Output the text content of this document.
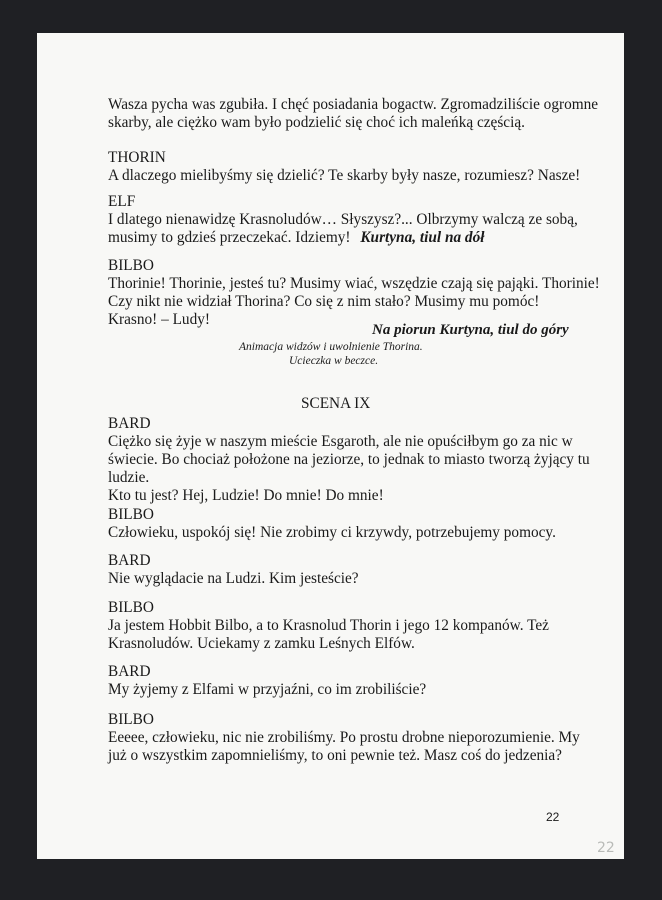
Wasza pycha was zgubiła. I chęć posiadania bogactw. Zgromadziliście ogromne
skarby, ale ciężko wam było podzielić się choć ich maleńką częścią.
THORIN
A dlaczego mielibyśmy się dzielić? Te skarby były nasze, rozumiesz? Nasze!
ELF
I dlatego nienawidzę Krasnoludów… Słyszysz?... Olbrzymy walczą ze sobą,
musimy to gdzieś przeczekać. Idziemy! Kurtyna, tiul na dół
BILBO
Thorinie! Thorinie, jesteś tu? Musimy wiać, wszędzie czają się pająki. Thorinie!
Czy nikt nie widział Thorina? Co się z nim stało? Musimy mu pomóc!
Krasno! – Ludy!
Na piorun Kurtyna, tiul do góry
Animacja widzów i uwolnienie Thorina.
Ucieczka w beczce.
SCENA IX
BARD
Ciężko się żyje w naszym mieście Esgaroth, ale nie opuściłbym go za nic w
świecie. Bo chociaż położone na jeziorze, to jednak to miasto tworzą żyjący tu
ludzie.
Kto tu jest? Hej, Ludzie! Do mnie! Do mnie!
BILBO
Człowieku, uspokój się! Nie zrobimy ci krzywdy, potrzebujemy pomocy.
BARD
Nie wyglądacie na Ludzi. Kim jesteście?
BILBO
Ja jestem Hobbit Bilbo, a to Krasnolud Thorin i jego 12 kompanów. Też
Krasnoludów. Uciekamy z zamku Leśnych Elfów.
BARD
My żyjemy z Elfami w przyjaźni, co im zrobiliście?
BILBO
Eeeee, człowieku, nic nie zrobiliśmy. Po prostu drobne nieporozumienie. My
już o wszystkim zapomnieliśmy, to oni pewnie też. Masz coś do jedzenia?
22
22
